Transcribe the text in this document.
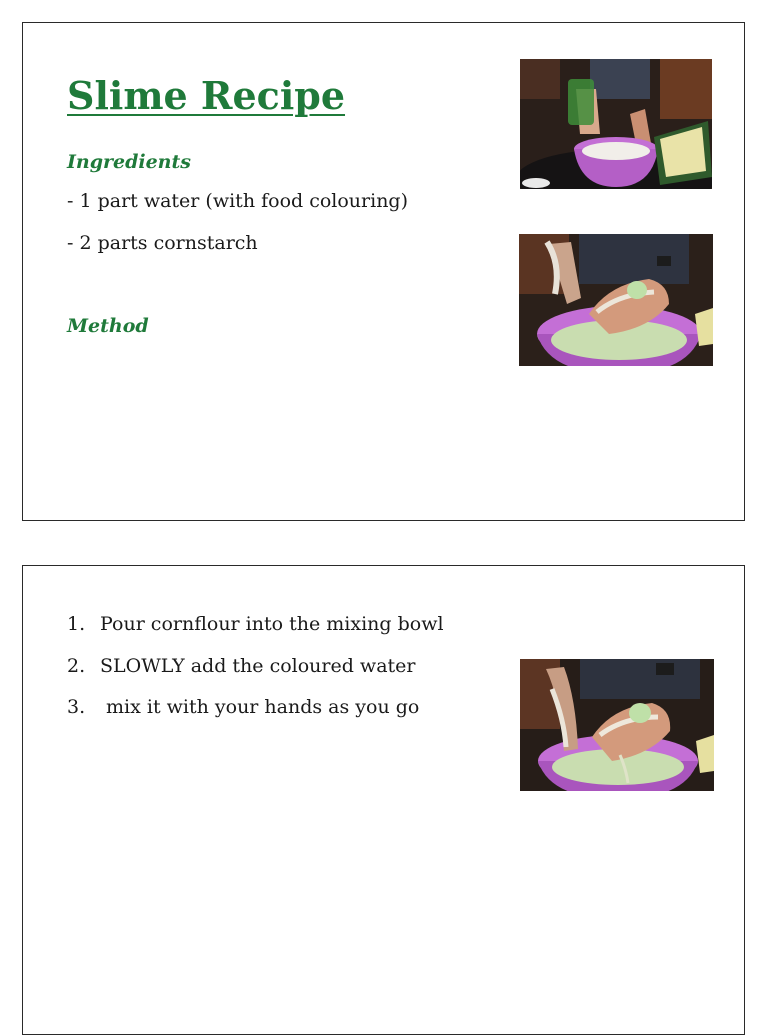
Slime Recipe
Ingredients

- 1 part water (with food colouring)

- 2 parts cornstarch

Method
1. Pour cornflour into the mixing bowl
2. SLOWLY add the coloured water
3. mix it with your hands as you go
